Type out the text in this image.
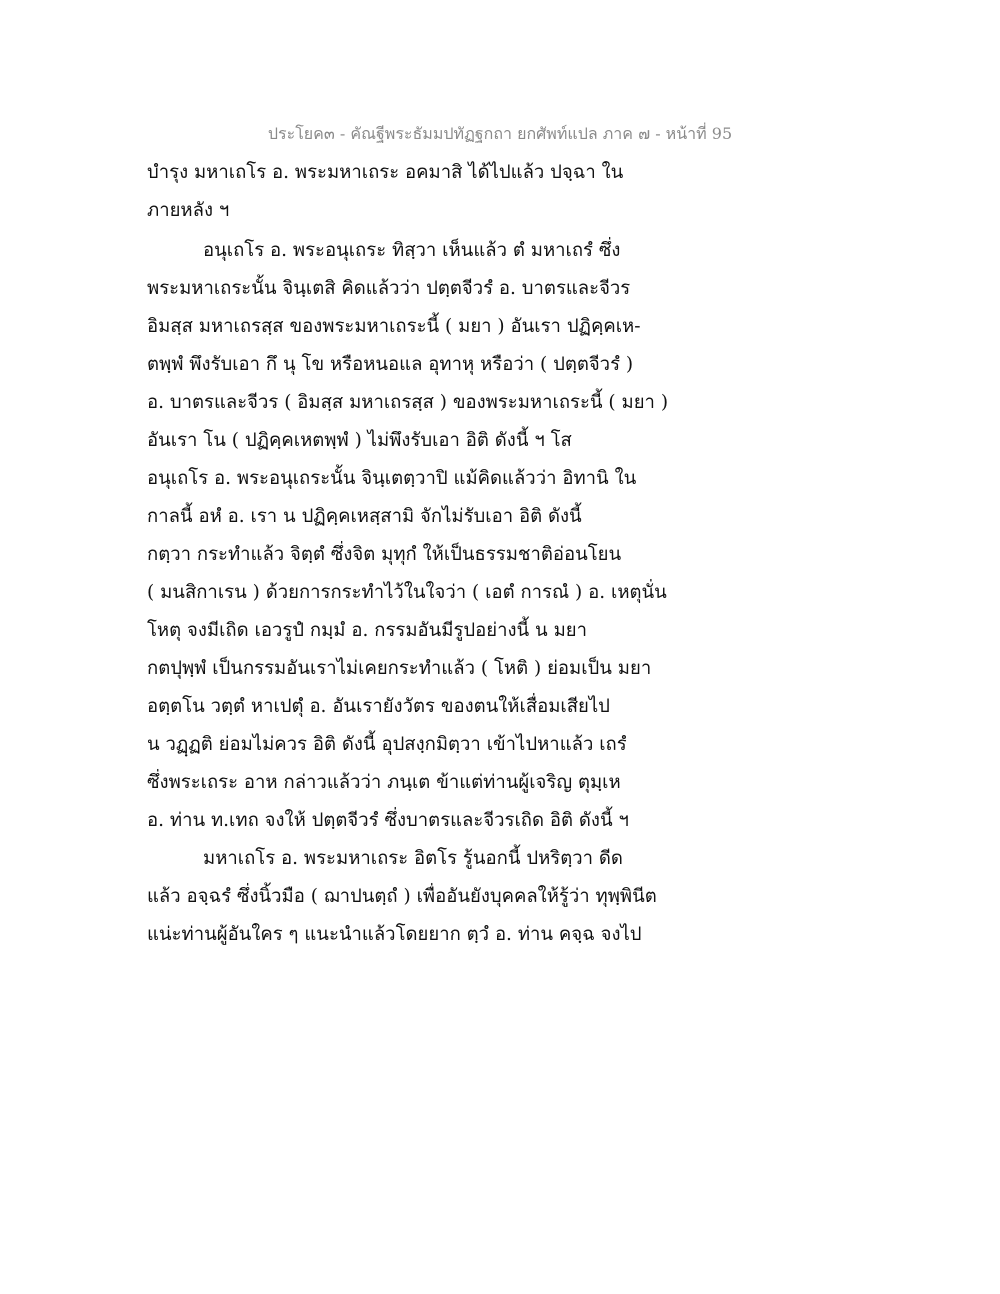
ประโยค๓ - คัณฐีพระธัมมปทัฏฐกถา ยกศัพท์แปล ภาค ๗ - หน้าที่ 95
บำรุง มหาเถโร อ. พระมหาเถระ อคมาสิ ได้ไปแล้ว ปจฺฉา ใน
ภายหลัง ฯ
อนุเถโร อ. พระอนุเถระ ทิสฺวา เห็นแล้ว ตํ มหาเถรํ ซึ่ง
พระมหาเถระนั้น จินฺเตสิ คิดแล้วว่า ปตฺตจีวรํ อ. บาตรและจีวร
อิมสฺส มหาเถรสฺส ของพระมหาเถระนี้ ( มยา ) อันเรา ปฏิคฺคเห-
ตพฺพํ พึงรับเอา กึ นุ โข หรือหนอแล อุทาหุ หรือว่า ( ปตฺตจีวรํ )
อ. บาตรและจีวร ( อิมสฺส มหาเถรสฺส ) ของพระมหาเถระนี้ ( มยา )
อันเรา โน ( ปฏิคฺคเหตพฺพํ ) ไม่พึงรับเอา อิติ ดังนี้ ฯ โส
อนุเถโร อ. พระอนุเถระนั้น จินฺเตตฺวาปิ แม้คิดแล้วว่า อิทานิ ใน
กาลนี้ อหํ อ. เรา น ปฏิคฺคเหสฺสามิ จักไม่รับเอา อิติ ดังนี้
กตฺวา กระทำแล้ว จิตฺตํ ซึ่งจิต มุทุกํ ให้เป็นธรรมชาติอ่อนโยน
( มนสิกาเรน ) ด้วยการกระทำไว้ในใจว่า ( เอตํ การณํ ) อ. เหตุนั่น
โหตุ จงมีเถิด เอวรูปํ กมฺมํ อ. กรรมอันมีรูปอย่างนี้ น มยา
กตปุพฺพํ เป็นกรรมอันเราไม่เคยกระทำแล้ว ( โหติ ) ย่อมเป็น มยา
อตฺตโน วตฺตํ หาเปตุํ อ. อันเรายังวัตร ของตนให้เสื่อมเสียไป
น วฏฺฏติ ย่อมไม่ควร อิติ ดังนี้ อุปสงฺกมิตฺวา เข้าไปหาแล้ว เถรํ
ซึ่งพระเถระ อาห กล่าวแล้วว่า ภนฺเต ข้าแต่ท่านผู้เจริญ ตุมฺเห
อ. ท่าน ท.เทถ จงให้ ปตฺตจีวรํ ซึ่งบาตรและจีวรเถิด อิติ ดังนี้ ฯ
มหาเถโร อ. พระมหาเถระ อิตโร รู้นอกนี้ ปหริตฺวา ดีด
แล้ว อจฺฉรํ ซึ่งนิ้วมือ ( ฌาปนตฺถํ ) เพื่ออันยังบุคคลให้รู้ว่า ทุพฺพินีต
แน่ะท่านผู้อันใคร ๆ แนะนำแล้วโดยยาก ตฺวํ อ. ท่าน คจฺฉ จงไป
